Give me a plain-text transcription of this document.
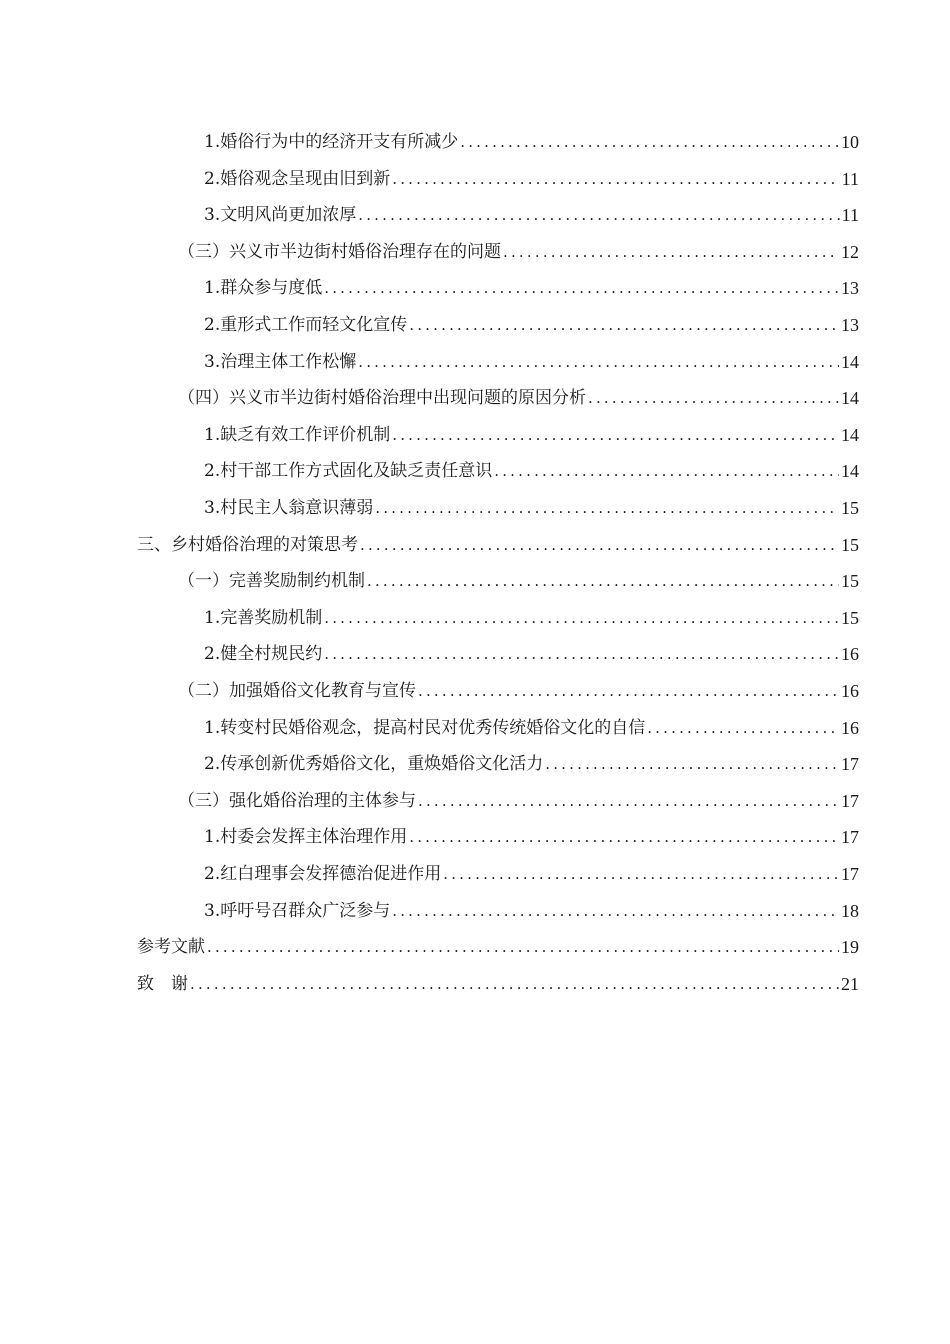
1.婚俗行为中的经济开支有所减少 .....	10
2.婚俗观念呈现由旧到新 .....	11
3.文明风尚更加浓厚 .....	11
（三）兴义市半边街村婚俗治理存在的问题 .....	12
1.群众参与度低 .....	13
2.重形式工作而轻文化宣传 .....	13
3.治理主体工作松懈 .....	14
（四）兴义市半边街村婚俗治理中出现问题的原因分析 .....	14
1.缺乏有效工作评价机制 .....	14
2.村干部工作方式固化及缺乏责任意识 .....	14
3.村民主人翁意识薄弱 .....	15
三、乡村婚俗治理的对策思考 .....	15
（一）完善奖励制约机制 .....	15
1.完善奖励机制 .....	15
2.健全村规民约 .....	16
（二）加强婚俗文化教育与宣传 .....	16
1.转变村民婚俗观念，提高村民对优秀传统婚俗文化的自信 .....	16
2.传承创新优秀婚俗文化，重焕婚俗文化活力 .....	17
（三）强化婚俗治理的主体参与 .....	17
1.村委会发挥主体治理作用 .....	17
2.红白理事会发挥德治促进作用 .....	17
3.呼吁号召群众广泛参与 .....	18
参考文献 .....	19
致　谢 .....	21
